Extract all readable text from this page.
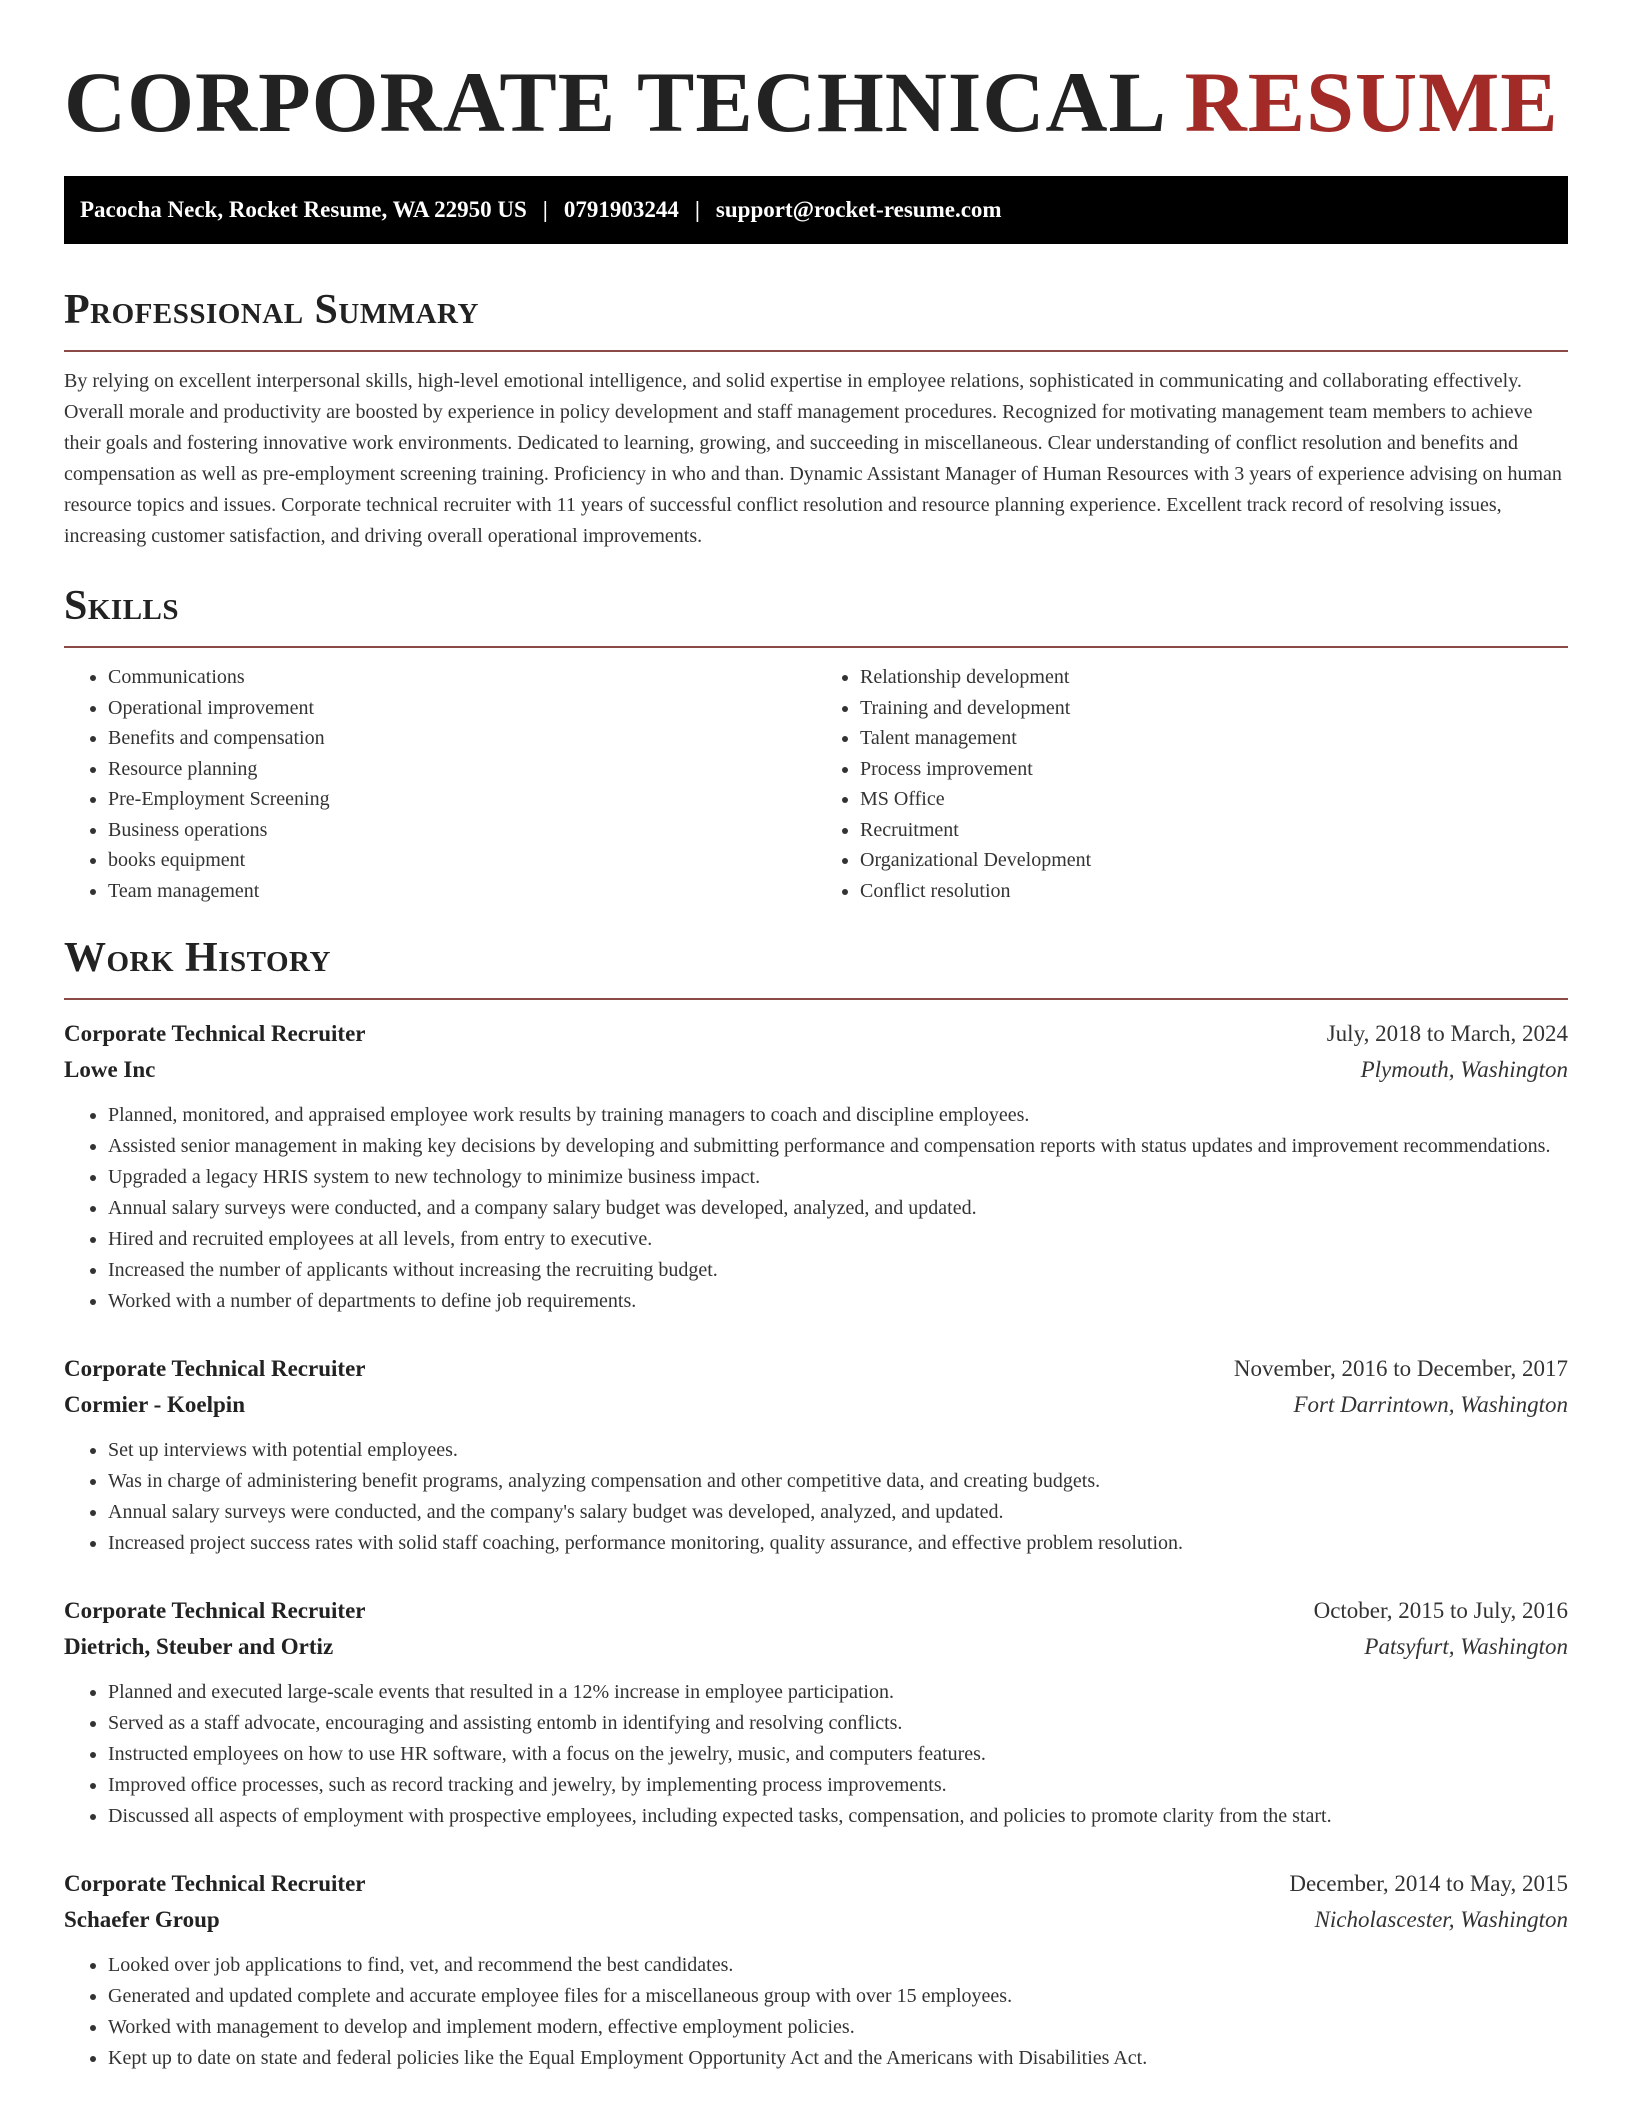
CORPORATE TECHNICAL RESUME
Pacocha Neck, Rocket Resume, WA 22950 US | 0791903244 | support@rocket-resume.com
Professional Summary

By relying on excellent interpersonal skills, high-level emotional intelligence, and solid expertise in employee relations, sophisticated in communicating and collaborating effectively. Overall morale and productivity are boosted by experience in policy development and staff management procedures. Recognized for motivating management team members to achieve their goals and fostering innovative work environments. Dedicated to learning, growing, and succeeding in miscellaneous. Clear understanding of conflict resolution and benefits and compensation as well as pre-employment screening training. Proficiency in who and than. Dynamic Assistant Manager of Human Resources with 3 years of experience advising on human resource topics and issues. Corporate technical recruiter with 11 years of successful conflict resolution and resource planning experience. Excellent track record of resolving issues, increasing customer satisfaction, and driving overall operational improvements.

Skills
• Communications
• Operational improvement
• Benefits and compensation
• Resource planning
• Pre-Employment Screening
• Business operations
• books equipment
• Team management
• Relationship development
• Training and development
• Talent management
• Process improvement
• MS Office
• Recruitment
• Organizational Development
• Conflict resolution
Work History
Corporate Technical Recruiter	July, 2018 to March, 2024
Lowe Inc	Plymouth, Washington
• Planned, monitored, and appraised employee work results by training managers to coach and discipline employees.
• Assisted senior management in making key decisions by developing and submitting performance and compensation reports with status updates and improvement recommendations.
• Upgraded a legacy HRIS system to new technology to minimize business impact.
• Annual salary surveys were conducted, and a company salary budget was developed, analyzed, and updated.
• Hired and recruited employees at all levels, from entry to executive.
• Increased the number of applicants without increasing the recruiting budget.
• Worked with a number of departments to define job requirements.
Corporate Technical Recruiter	November, 2016 to December, 2017
Cormier - Koelpin	Fort Darrintown, Washington
• Set up interviews with potential employees.
• Was in charge of administering benefit programs, analyzing compensation and other competitive data, and creating budgets.
• Annual salary surveys were conducted, and the company's salary budget was developed, analyzed, and updated.
• Increased project success rates with solid staff coaching, performance monitoring, quality assurance, and effective problem resolution.
Corporate Technical Recruiter	October, 2015 to July, 2016
Dietrich, Steuber and Ortiz	Patsyfurt, Washington
• Planned and executed large-scale events that resulted in a 12% increase in employee participation.
• Served as a staff advocate, encouraging and assisting entomb in identifying and resolving conflicts.
• Instructed employees on how to use HR software, with a focus on the jewelry, music, and computers features.
• Improved office processes, such as record tracking and jewelry, by implementing process improvements.
• Discussed all aspects of employment with prospective employees, including expected tasks, compensation, and policies to promote clarity from the start.
Corporate Technical Recruiter	December, 2014 to May, 2015
Schaefer Group	Nicholascester, Washington
• Looked over job applications to find, vet, and recommend the best candidates.
• Generated and updated complete and accurate employee files for a miscellaneous group with over 15 employees.
• Worked with management to develop and implement modern, effective employment policies.
• Kept up to date on state and federal policies like the Equal Employment Opportunity Act and the Americans with Disabilities Act.
